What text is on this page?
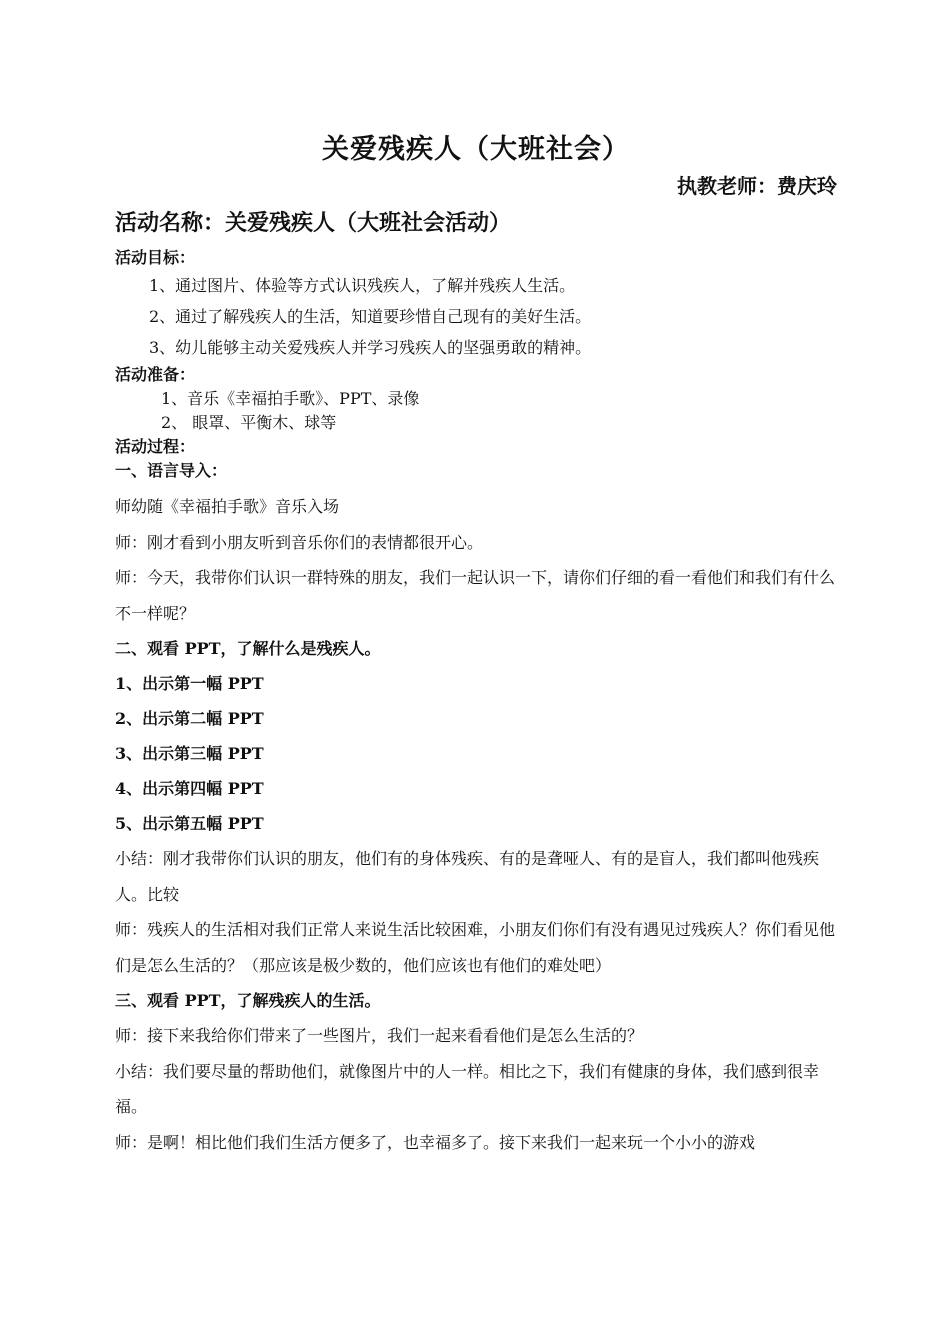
关爱残疾人（大班社会）
执教老师：费庆玲
活动名称：关爱残疾人（大班社会活动）
活动目标：
1、通过图片、体验等方式认识残疾人，了解并残疾人生活。
2、通过了解残疾人的生活，知道要珍惜自己现有的美好生活。
3、幼儿能够主动关爱残疾人并学习残疾人的坚强勇敢的精神。
活动准备：
1、音乐《幸福拍手歌》、PPT、录像
2、 眼罩、平衡木、球等
活动过程：
一、语言导入：

师幼随《幸福拍手歌》音乐入场

师：刚才看到小朋友听到音乐你们的表情都很开心。

师：今天，我带你们认识一群特殊的朋友，我们一起认识一下，请你们仔细的看一看他们和我们有什么不一样呢？

二、观看 PPT，了解什么是残疾人。
1、出示第一幅 PPT
2、出示第二幅 PPT
3、出示第三幅 PPT
4、出示第四幅 PPT
5、出示第五幅 PPT

小结：刚才我带你们认识的朋友，他们有的身体残疾、有的是聋哑人、有的是盲人，我们都叫他残疾人。比较

师：残疾人的生活相对我们正常人来说生活比较困难，小朋友们你们有没有遇见过残疾人？你们看见他们是怎么生活的？（那应该是极少数的，他们应该也有他们的难处吧）

三、观看 PPT，了解残疾人的生活。

师：接下来我给你们带来了一些图片，我们一起来看看他们是怎么生活的？

小结：我们要尽量的帮助他们，就像图片中的人一样。相比之下，我们有健康的身体，我们感到很幸福。

师：是啊！相比他们我们生活方便多了，也幸福多了。接下来我们一起来玩一个小小的游戏
